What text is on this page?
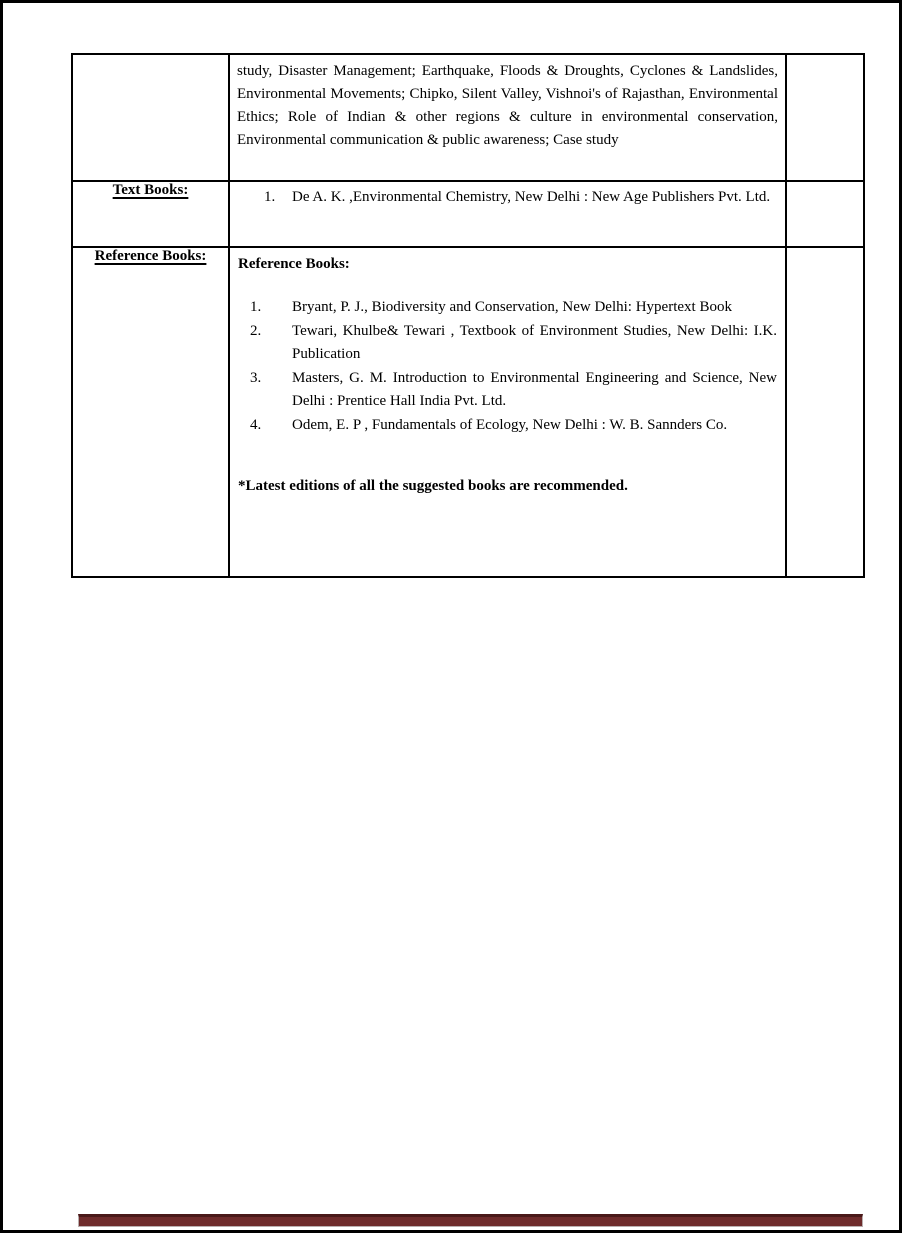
	study, Disaster Management; Earthquake, Floods & Droughts, Cyclones & Landslides, Environmental Movements; Chipko, Silent Valley, Vishnoi's of Rajasthan, Environmental Ethics; Role of Indian & other regions & culture in environmental conservation, Environmental communication & public awareness; Case study	

Text Books:	De A. K. ,Environmental Chemistry, New Delhi : New Age Publishers Pvt. Ltd.

Reference Books:	Reference Books:

Bryant, P. J., Biodiversity and Conservation, New Delhi: Hypertext Book
Tewari, Khulbe& Tewari , Textbook of Environment Studies, New Delhi: I.K. Publication
Masters, G. M. Introduction to Environmental Engineering and Science, New Delhi : Prentice Hall India Pvt. Ltd.
Odem, E. P , Fundamentals of Ecology, New Delhi : W. B. Sannders Co.

*Latest editions of all the suggested books are recommended.
